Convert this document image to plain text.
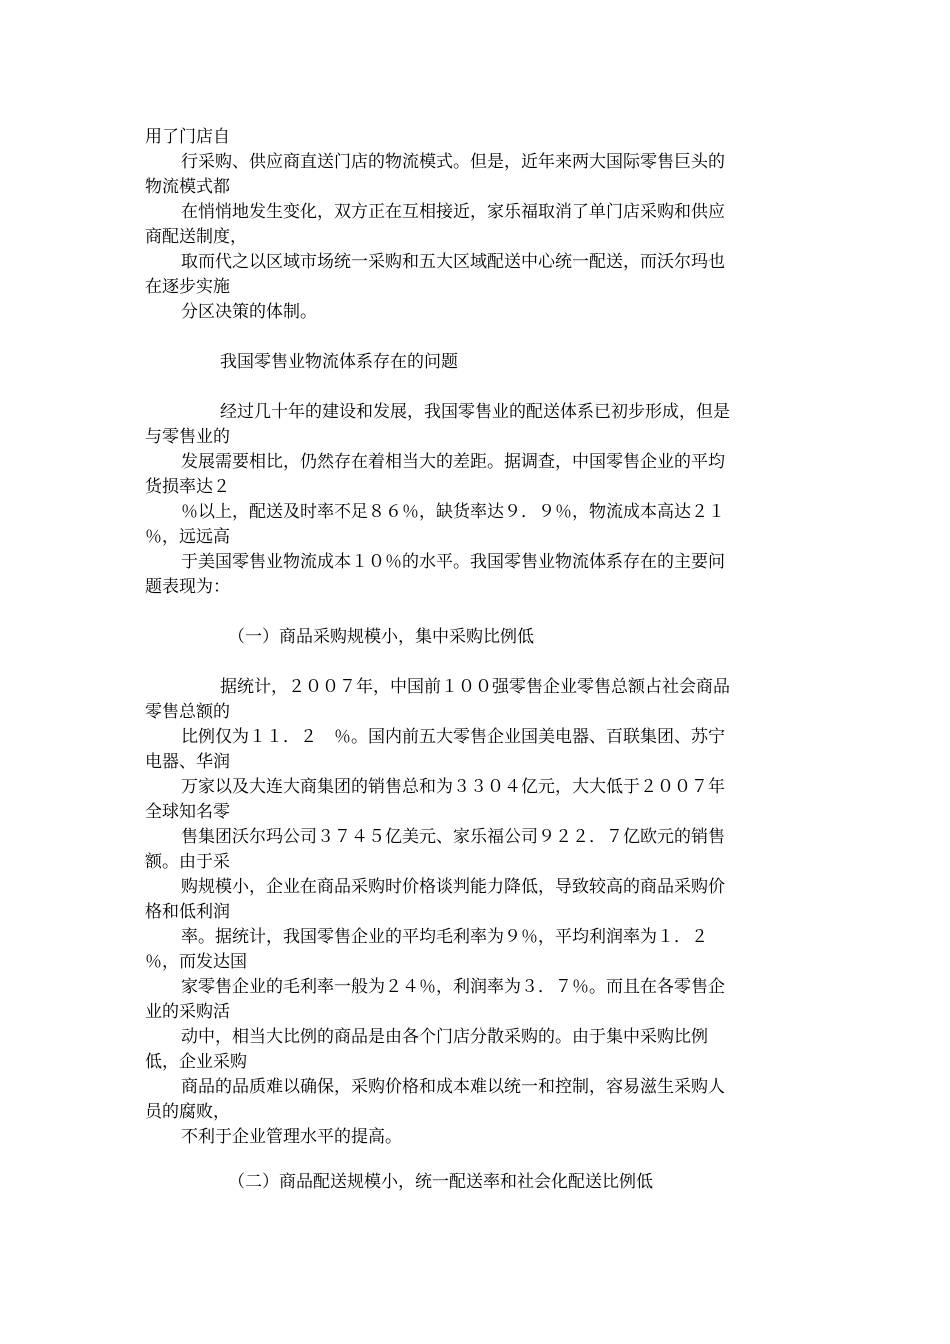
用了门店自

行采购、供应商直送门店的物流模式。但是，近年来两大国际零售巨头的

物流模式都

在悄悄地发生变化，双方正在互相接近，家乐福取消了单门店采购和供应

商配送制度，

取而代之以区域市场统一采购和五大区域配送中心统一配送，而沃尔玛也

在逐步实施

分区决策的体制。

我国零售业物流体系存在的问题

经过几十年的建设和发展，我国零售业的配送体系已初步形成，但是

与零售业的

发展需要相比，仍然存在着相当大的差距。据调查，中国零售企业的平均

货损率达２

％以上，配送及时率不足８６％，缺货率达９．９％，物流成本高达２１

％，远远高

于美国零售业物流成本１０％的水平。我国零售业物流体系存在的主要问

题表现为：

（一）商品采购规模小，集中采购比例低

据统计，２００７年，中国前１００强零售企业零售总额占社会商品

零售总额的

比例仅为１１．２　％。国内前五大零售企业国美电器、百联集团、苏宁

电器、华润

万家以及大连大商集团的销售总和为３３０４亿元，大大低于２００７年

全球知名零

售集团沃尔玛公司３７４５亿美元、家乐福公司９２２．７亿欧元的销售

额。由于采

购规模小，企业在商品采购时价格谈判能力降低，导致较高的商品采购价

格和低利润

率。据统计，我国零售企业的平均毛利率为９％，平均利润率为１．２

％，而发达国

家零售企业的毛利率一般为２４％，利润率为３．７％。而且在各零售企

业的采购活

动中，相当大比例的商品是由各个门店分散采购的。由于集中采购比例

低，企业采购

商品的品质难以确保，采购价格和成本难以统一和控制，容易滋生采购人

员的腐败，

不利于企业管理水平的提高。

（二）商品配送规模小，统一配送率和社会化配送比例低
